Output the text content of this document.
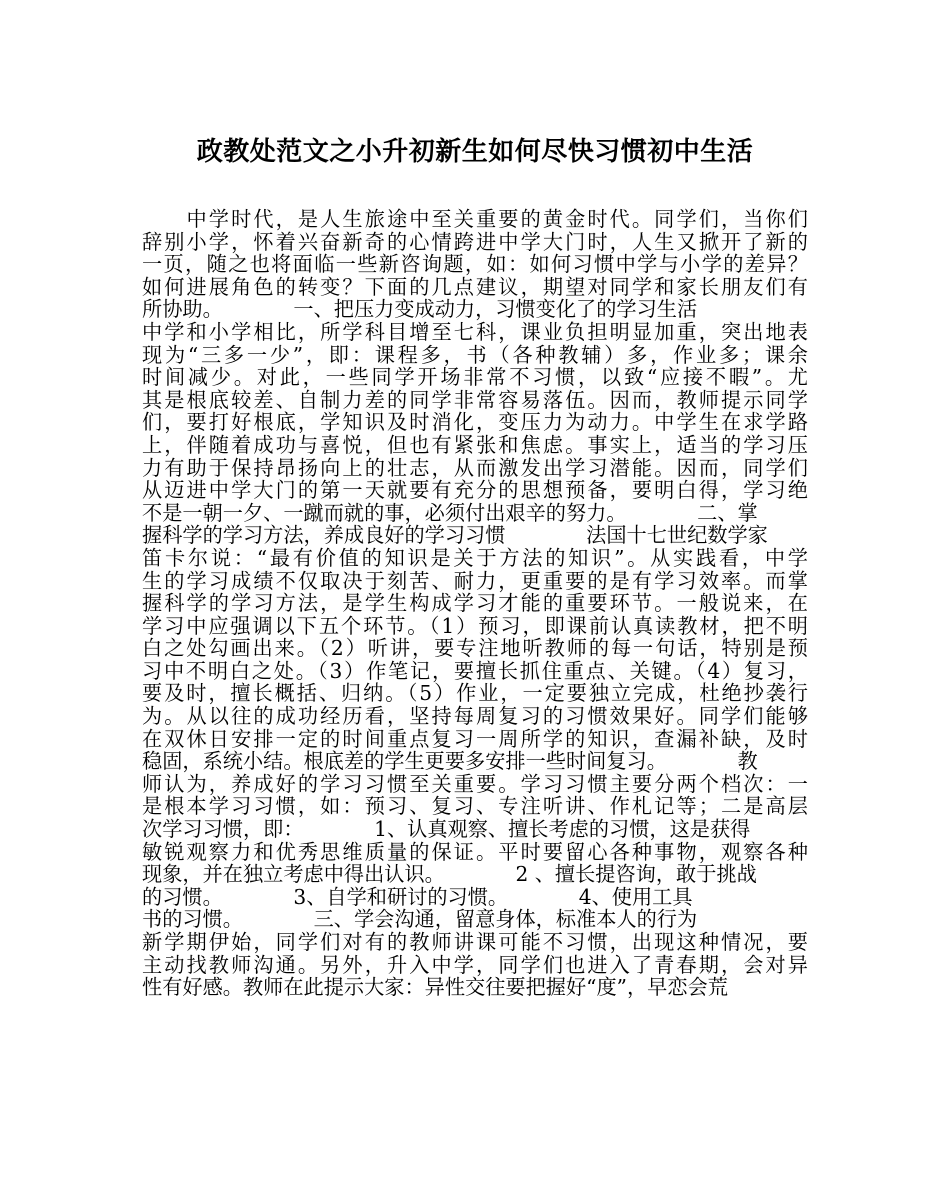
政教处范文之小升初新生如何尽快习惯初中生活
　　中学时代，是人生旅途中至关重要的黄金时代。同学们，当你们
辞别小学，怀着兴奋新奇的心情跨进中学大门时，人生又掀开了新的
一页，随之也将面临一些新咨询题，如：如何习惯中学与小学的差异？
如何进展角色的转变？下面的几点建议，期望对同学和家长朋友们有
所协助。　　　　一、把压力变成动力，习惯变化了的学习生活
中学和小学相比，所学科目增至七科，课业负担明显加重，突出地表
现为“三多一少”，即：课程多，书（各种教辅）多，作业多；课余
时间减少。对此，一些同学开场非常不习惯，以致“应接不暇”。尤
其是根底较差、自制力差的同学非常容易落伍。因而，教师提示同学
们，要打好根底，学知识及时消化，变压力为动力。中学生在求学路
上，伴随着成功与喜悦，但也有紧张和焦虑。事实上，适当的学习压
力有助于保持昂扬向上的壮志，从而激发出学习潜能。因而，同学们
从迈进中学大门的第一天就要有充分的思想预备，要明白得，学习绝
不是一朝一夕、一蹴而就的事，必须付出艰辛的努力。　　　　二、掌
握科学的学习方法，养成良好的学习习惯　　　　法国十七世纪数学家
笛卡尔说：“最有价值的知识是关于方法的知识”。从实践看，中学
生的学习成绩不仅取决于刻苦、耐力，更重要的是有学习效率。而掌
握科学的学习方法，是学生构成学习才能的重要环节。一般说来，在
学习中应强调以下五个环节。（1）预习，即课前认真读教材，把不明
白之处勾画出来。（2）听讲，要专注地听教师的每一句话，特别是预
习中不明白之处。（3）作笔记，要擅长抓住重点、关键。（4）复习，
要及时，擅长概括、归纳。（5）作业，一定要独立完成，杜绝抄袭行
为。从以往的成功经历看，坚持每周复习的习惯效果好。同学们能够
在双休日安排一定的时间重点复习一周所学的知识，查漏补缺，及时
稳固，系统小结。根底差的学生更要多安排一些时间复习。　　　　教
师认为，养成好的学习习惯至关重要。学习习惯主要分两个档次：一
是根本学习习惯，如：预习、复习、专注听讲、作札记等；二是高层
次学习习惯，即：　　　　1、认真观察、擅长考虑的习惯，这是获得
敏锐观察力和优秀思维质量的保证。平时要留心各种事物，观察各种
现象，并在独立考虑中得出认识。　　　　2 、擅长提咨询，敢于挑战
的习惯。　　　　3、自学和研讨的习惯。　　　　4、使用工具
书的习惯。　　　　三、学会沟通，留意身体，标准本人的行为
新学期伊始，同学们对有的教师讲课可能不习惯，出现这种情况，要
主动找教师沟通。另外，升入中学，同学们也进入了青春期，会对异
性有好感。教师在此提示大家：异性交往要把握好“度”，早恋会荒
